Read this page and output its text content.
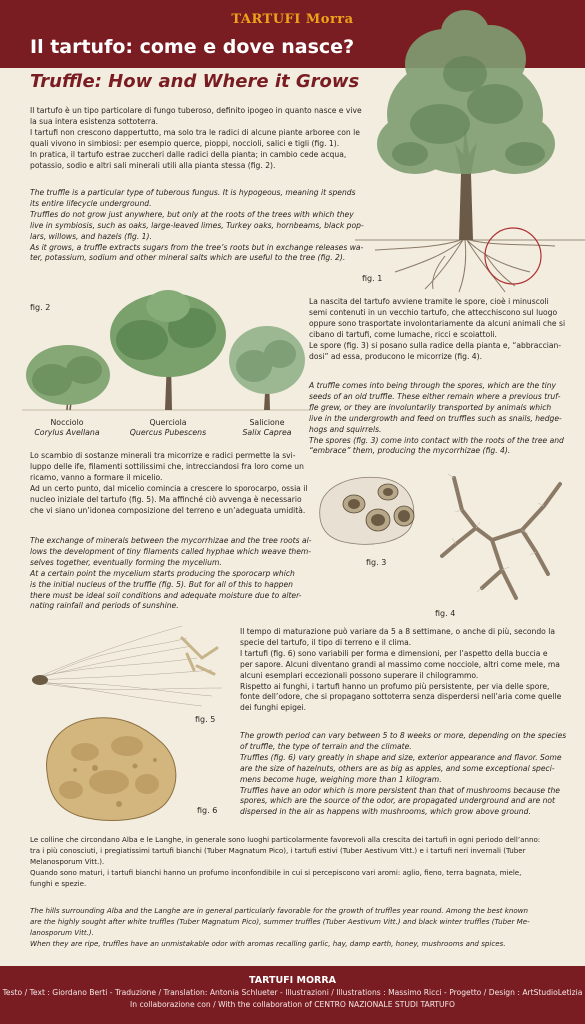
TARTUFI Morra
Il tartufo: come e dove nasce?
Truffle: How and Where it Grows
fig. 1
Il tartufo è un tipo particolare di fungo tuberoso, definito ipogeo in quanto nasce e vive
la sua intera esistenza sottoterra.
I tartufi non crescono dappertutto, ma solo tra le radici di alcune piante arboree con le
quali vivono in simbiosi: per esempio querce, pioppi, noccioli, salici e tigli (fig. 1).
In pratica, il tartufo estrae zuccheri dalle radici della pianta; in cambio cede acqua,
potassio, sodio e altri sali minerali utili alla pianta stessa (fig. 2).
The truffle is a particular type of tuberous fungus. It is hypogeous, meaning it spends
its entire lifecycle underground.
Truffles do not grow just anywhere, but only at the roots of the trees with which they
live in symbiosis, such as oaks, large-leaved limes, Turkey oaks, hornbeams, black pop-
lars, willows, and hazels (fig. 1).
As it grows, a truffle extracts sugars from the tree’s roots but in exchange releases wa-
ter, potassium, sodium and other mineral salts which are useful to the tree (fig. 2).
fig. 2
Nocciolo
Corylus Avellana
Querciola
Quercus Pubescens
Salicione
Salix Caprea
La nascita del tartufo avviene tramite le spore, cioè i minuscoli
semi contenuti in un vecchio tartufo, che attecchiscono sul luogo
oppure sono trasportate involontariamente da alcuni animali che si
cibano di tartufi, come lumache, ricci e scoiattoli.
Le spore (fig. 3) si posano sulla radice della pianta e, “abbraccian-
dosi” ad essa, producono le micorrize (fig. 4).
A truffle comes into being through the spores, which are the tiny
seeds of an old truffle. These either remain where a previous truf-
fle grew, or they are involuntarily transported by animals which
live in the undergrowth and feed on truffles such as snails, hedge-
hogs and squirrels.
The spores (fig. 3) come into contact with the roots of the tree and
“embrace” them, producing the mycorrhizae (fig. 4).
Lo scambio di sostanze minerali tra micorrize e radici permette la svi-
luppo delle ife, filamenti sottilissimi che, intrecciandosi fra loro come un
ricamo, vanno a formare il micelio.
Ad un certo punto, dal micelio comincia a crescere lo sporocarpo, ossia il
nucleo iniziale del tartufo (fig. 5). Ma affinché ciò avvenga è necessario
che vi siano un’idonea composizione del terreno e un’adeguata umidità.
The exchange of minerals between the mycorrhizae and the tree roots al-
lows the development of tiny filaments called hyphae which weave them-
selves together, eventually forming the mycelium.
At a certain point the mycelium starts producing the sporocarp which
is the initial nucleus of the truffle (fig. 5). But for all of this to happen
there must be ideal soil conditions and adequate moisture due to alter-
nating rainfall and periods of sunshine.
fig. 3
fig. 4
fig. 5
fig. 6
Il tempo di maturazione può variare da 5 a 8 settimane, o anche di più, secondo la
specie del tartufo, il tipo di terreno e il clima.
I tartufi (fig. 6) sono variabili per forma e dimensioni, per l’aspetto della buccia e
per sapore. Alcuni diventano grandi al massimo come nocciole, altri come mele, ma
alcuni esemplari eccezionali possono superare il chilogrammo.
Rispetto ai funghi, i tartufi hanno un profumo più persistente, per via delle spore,
fonte dell’odore, che si propagano sottoterra senza disperdersi nell’aria come quelle
dei funghi epigei.
The growth period can vary between 5 to 8 weeks or more, depending on the species
of truffle, the type of terrain and the climate.
Truffles (fig. 6) vary greatly in shape and size, exterior appearance and flavor. Some
are the size of hazelnuts, others are as big as apples, and some exceptional speci-
mens become huge, weighing more than 1 kilogram.
Truffles have an odor which is more persistent than that of mushrooms because the
spores, which are the source of the odor, are propagated underground and are not
dispersed in the air as happens with mushrooms, which grow above ground.
Le colline che circondano Alba e le Langhe, in generale sono luoghi particolarmente favorevoli alla crescita dei tartufi in ogni periodo dell’anno:
tra i più conosciuti, i pregiatissimi tartufi bianchi (Tuber Magnatum Pico), i tartufi estivi (Tuber Aestivum Vitt.) e i tartufi neri invernali (Tuber
Melanosporum Vitt.).
Quando sono maturi, i tartufi bianchi hanno un profumo inconfondibile in cui si percepiscono vari aromi: aglio, fieno, terra bagnata, miele,
funghi e spezie.
The hills surrounding Alba and the Langhe are in general particularly favorable for the growth of truffles year round. Among the best known
are the highly sought after white truffles (Tuber Magnatum Pico), summer truffles (Tuber Aestivum Vitt.) and black winter truffles (Tuber Me-
lanosporum Vitt.).
When they are ripe, truffles have an unmistakable odor with aromas recalling garlic, hay, damp earth, honey, mushrooms and spices.
TARTUFI MORRA
Testo / Text : Giordano Berti - Traduzione / Translation: Antonia Schlueter - Illustrazioni / Illustrations : Massimo Ricci - Progetto / Design : ArtStudioLetizia
In collaborazione con / With the collaboration of CENTRO NAZIONALE STUDI TARTUFO
